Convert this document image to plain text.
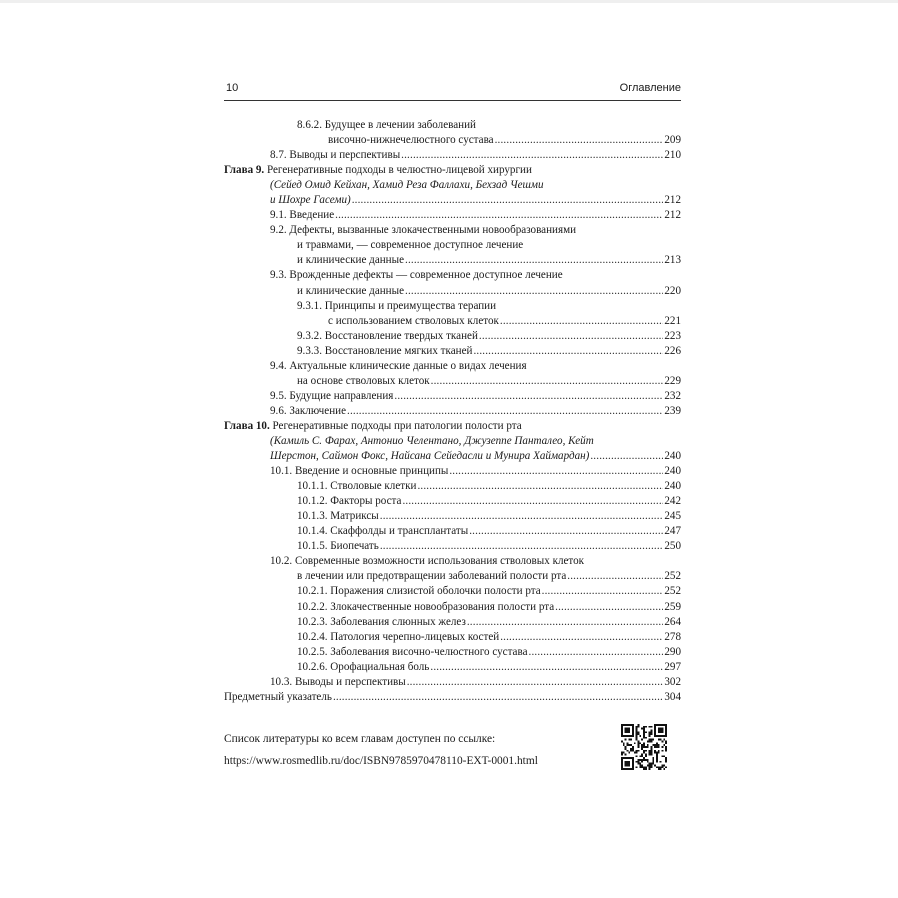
10	Оглавление
8.6.2. Будущее в лечении заболеваний
височно-нижнечелюстного сустава . . .	209
8.7. Выводы и перспективы . . .	210
Глава 9. Регенеративные подходы в челюстно-лицевой хирургии
(Сейед Омид Кейхан, Хамид Реза Фаллахи, Бехзад Чешми
и Шохре Гасеми) . . .	212
9.1. Введение . . .	212
9.2. Дефекты, вызванные злокачественными новообразованиями
и травмами, — современное доступное лечение
и клинические данные . . .	213
9.3. Врожденные дефекты — современное доступное лечение
и клинические данные . . .	220
9.3.1. Принципы и преимущества терапии
с использованием стволовых клеток . . .	221
9.3.2. Восстановление твердых тканей . . .	223
9.3.3. Восстановление мягких тканей . . .	226
9.4. Актуальные клинические данные о видах лечения
на основе стволовых клеток . . .	229
9.5. Будущие направления . . .	232
9.6. Заключение . . .	239
Глава 10. Регенеративные подходы при патологии полости рта
(Камиль С. Фарах, Антонио Челентано, Джузеппе Панталео, Кейт
Шерстон, Саймон Фокс, Найсана Сейедасли и Мунира Хаймардан) . . .	240
10.1. Введение и основные принципы . . .	240
10.1.1. Стволовые клетки . . .	240
10.1.2. Факторы роста . . .	242
10.1.3. Матриксы . . .	245
10.1.4. Скаффолды и трансплантаты . . .	247
10.1.5. Биопечать . . .	250
10.2. Современные возможности использования стволовых клеток
в лечении или предотвращении заболеваний полости рта . . .	252
10.2.1. Поражения слизистой оболочки полости рта . . .	252
10.2.2. Злокачественные новообразования полости рта . . .	259
10.2.3. Заболевания слюнных желез . . .	264
10.2.4. Патология черепно-лицевых костей . . .	278
10.2.5. Заболевания височно-челюстного сустава . . .	290
10.2.6. Орофациальная боль . . .	297
10.3. Выводы и перспективы . . .	302
Предметный указатель . . .	304
Список литературы ко всем главам доступен по ссылке:
https://www.rosmedlib.ru/doc/ISBN9785970478110-EXT-0001.html
